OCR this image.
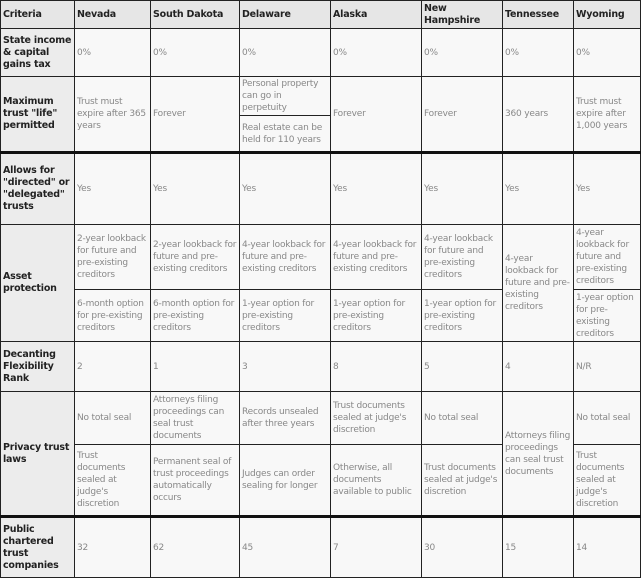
Criteria	Nevada	South Dakota	Delaware	Alaska	New Hampshire	Tennessee	Wyoming
State income & capital gains tax	0%	0%	0%	0%	0%	0%	0%
Maximum trust "life" permitted	Trust must expire after 365 years	Forever	Personal property can go in perpetuity	Forever	Forever	360 years	Trust must expire after 1,000 years
			Real estate can be held for 110 years				
Allows for "directed" or "delegated" trusts	Yes	Yes	Yes	Yes	Yes	Yes	Yes
Asset protection	2-year lookback for future and pre-existing creditors	2-year lookback for future and pre-existing creditors	4-year lookback for future and pre-existing creditors	4-year lookback for future and pre-existing creditors	4-year lookback for future and pre-existing creditors	4-year lookback for future and pre-existing creditors	4-year lookback for future and pre-existing creditors
	6-month option for pre-existing creditors	6-month option for pre-existing creditors	1-year option for pre-existing creditors	1-year option for pre-existing creditors	1-year option for pre-existing creditors		1-year option for pre-existing creditors
Decanting Flexibility Rank	2	1	3	8	5	4	N/R
Privacy trust laws	No total seal	Attorneys filing proceedings can seal trust documents	Records unsealed after three years	Trust documents sealed at judge's discretion	No total seal	Attorneys filing proceedings can seal trust documents	No total seal
	Trust documents sealed at judge's discretion	Permanent seal of trust proceedings automatically occurs	Judges can order sealing for longer	Otherwise, all documents available to public	Trust documents sealed at judge's discretion		Trust documents sealed at judge's discretion
Public chartered trust companies	32	62	45	7	30	15	14
